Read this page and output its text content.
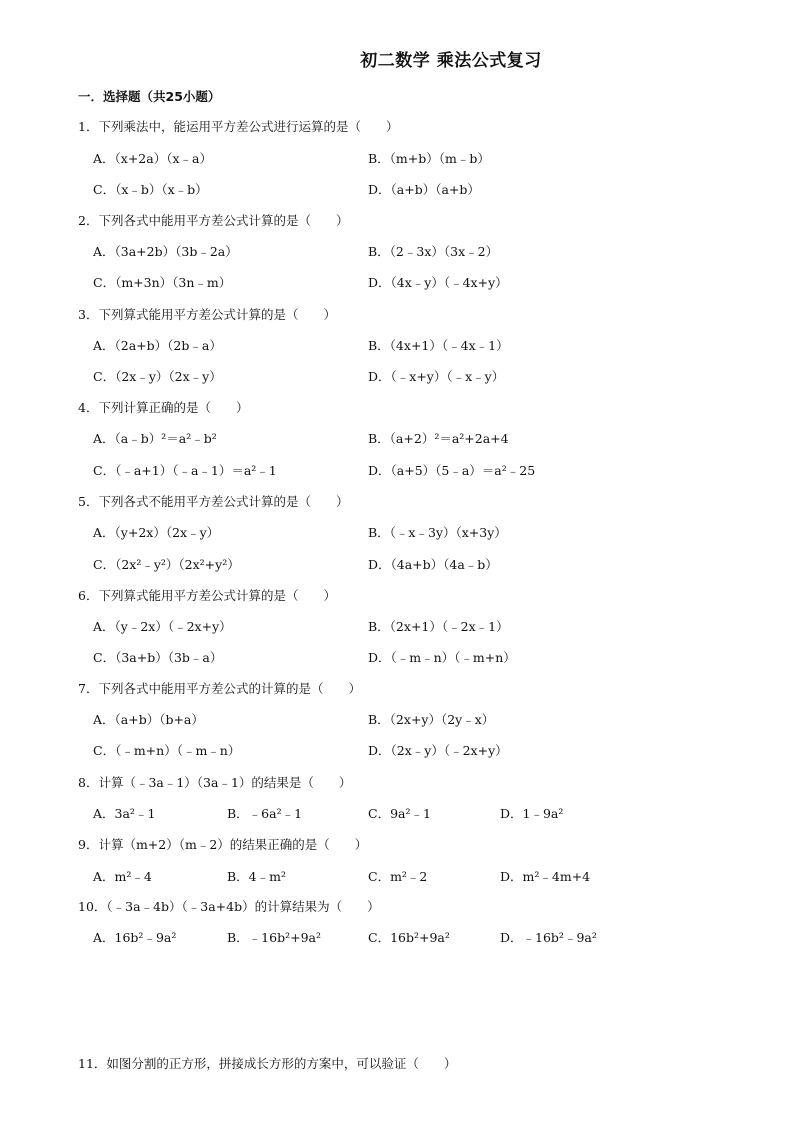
初二数学 乘法公式复习
一．选择题（共25小题）
1．下列乘法中，能运用平方差公式进行运算的是（　　）
A．（x+2a）（x﹣a）	B．（m+b）（m﹣b）
C．（x﹣b）（x﹣b）	D．（a+b）（a+b）
2．下列各式中能用平方差公式计算的是（　　）
A．（3a+2b）（3b﹣2a）	B．（2﹣3x）（3x﹣2）
C．（m+3n）（3n﹣m）	D．（4x﹣y）（﹣4x+y）
3．下列算式能用平方差公式计算的是（　　）
A．（2a+b）（2b﹣a）	B．（4x+1）（﹣4x﹣1）
C．（2x﹣y）（2x﹣y）	D．（﹣x+y）（﹣x﹣y）
4．下列计算正确的是（　　）
A．（a﹣b）²＝a²﹣b²	B．（a+2）²＝a²+2a+4
C．（﹣a+1）（﹣a﹣1）＝a²﹣1	D．（a+5）（5﹣a）＝a²﹣25
5．下列各式不能用平方差公式计算的是（　　）
A．（y+2x）（2x﹣y）	B．（﹣x﹣3y）（x+3y）
C．（2x²﹣y²）（2x²+y²）	D．（4a+b）（4a﹣b）
6．下列算式能用平方差公式计算的是（　　）
A．（y﹣2x）（﹣2x+y）	B．（2x+1）（﹣2x﹣1）
C．（3a+b）（3b﹣a）	D．（﹣m﹣n）（﹣m+n）
7．下列各式中能用平方差公式的计算的是（　　）
A．（a+b）（b+a）	B．（2x+y）（2y﹣x）
C．（﹣m+n）（﹣m﹣n）	D．（2x﹣y）（﹣2x+y）
8．计算（﹣3a﹣1）（3a﹣1）的结果是（　　）
A．3a²﹣1	B．﹣6a²﹣1	C．9a²﹣1	D．1﹣9a²
9．计算（m+2）（m﹣2）的结果正确的是（　　）
A．m²﹣4	B．4﹣m²	C．m²﹣2	D．m²﹣4m+4
10．（﹣3a﹣4b）（﹣3a+4b）的计算结果为（　　）
A．16b²﹣9a²	B．﹣16b²+9a²	C．16b²+9a²	D．﹣16b²﹣9a²
11．如图分割的正方形，拼接成长方形的方案中，可以验证（　　）
